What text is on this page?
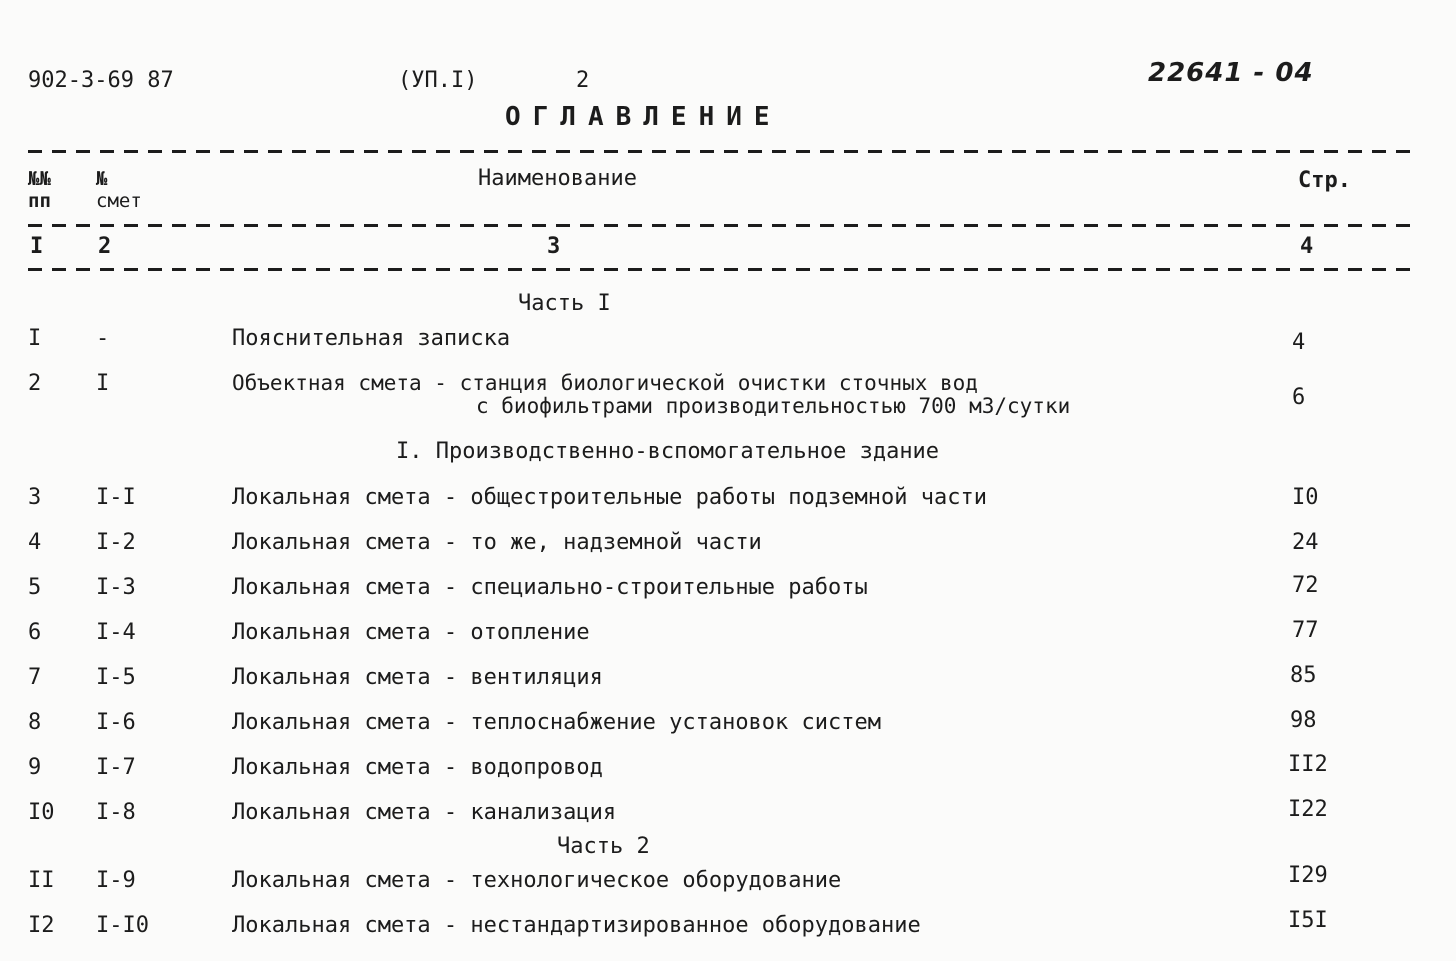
902-3-69 87	(УП.I)	2	22641 - 04
ОГЛАВЛЕНИЕ
№№
пп
№
смет
Наименование	Стр.
I 2	3	4
Часть I
I -	Пояснительная записка	4
2 I	Объектная смета - станция биологической очистки сточных вод
с биофильтрами производительностью 700 м3/сутки	6
I. Производственно-вспомогательное здание
3 I-I	Локальная смета - общестроительные работы подземной части	I0
4 I-2	Локальная смета - то же, надземной части	24
5 I-3	Локальная смета - специально-строительные работы	72
6 I-4	Локальная смета - отопление	77
7 I-5	Локальная смета - вентиляция	85
8 I-6	Локальная смета - теплоснабжение установок систем	98
9 I-7	Локальная смета - водопровод	II2
I0 I-8	Локальная смета - канализация	I22
Часть 2
II I-9	Локальная смета - технологическое оборудование	I29
I2 I-I0	Локальная смета - нестандартизированное оборудование	I5I
